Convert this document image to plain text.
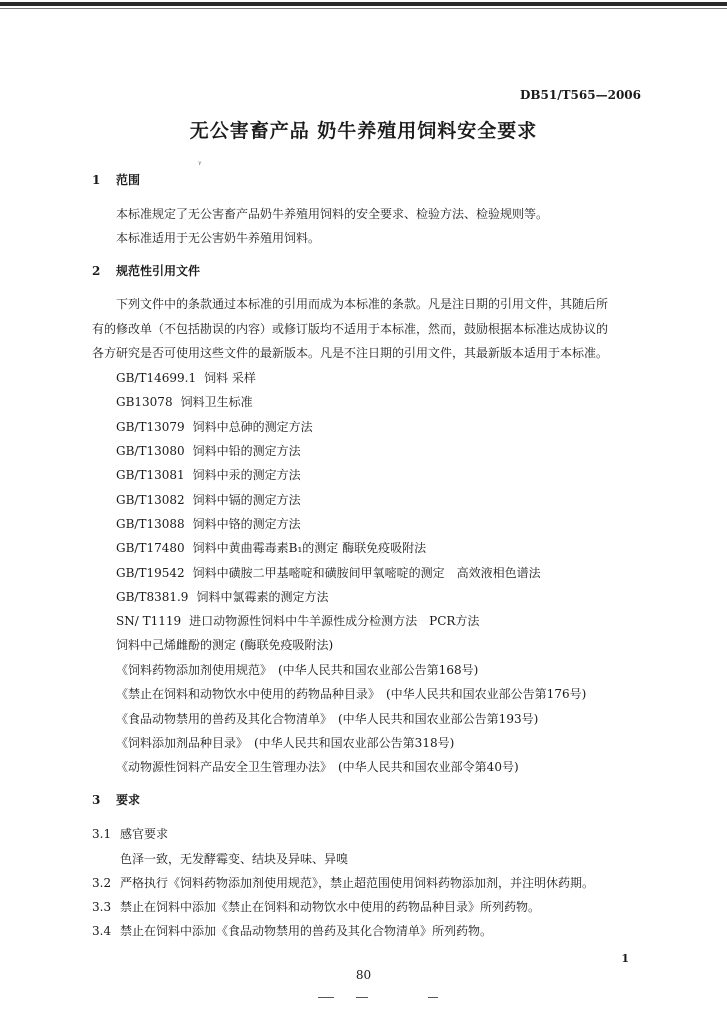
DB51/T565—2006
无公害畜产品 奶牛养殖用饲料安全要求
ᵞ
1 范围
本标准规定了无公害畜产品奶牛养殖用饲料的安全要求、检验方法、检验规则等。
本标准适用于无公害奶牛养殖用饲料。
2 规范性引用文件
下列文件中的条款通过本标准的引用而成为本标准的条款。凡是注日期的引用文件，其随后所
有的修改单（不包括勘误的内容）或修订版均不适用于本标准，然而，鼓励根据本标准达成协议的
各方研究是否可使用这些文件的最新版本。凡是不注日期的引用文件，其最新版本适用于本标准。
GB/T14699.1 饲料 采样
GB13078 饲料卫生标准
GB/T13079 饲料中总砷的测定方法
GB/T13080 饲料中铅的测定方法
GB/T13081 饲料中汞的测定方法
GB/T13082 饲料中镉的测定方法
GB/T13088 饲料中铬的测定方法
GB/T17480 饲料中黄曲霉毒素B₁的测定 酶联免疫吸附法
GB/T19542 饲料中磺胺二甲基嘧啶和磺胺间甲氧嘧啶的测定　高效液相色谱法
GB/T8381.9 饲料中氯霉素的测定方法
SN/ T1119 进口动物源性饲料中牛羊源性成分检测方法　PCR方法
饲料中己烯雌酚的测定 (酶联免疫吸附法)
《饲料药物添加剂使用规范》　(中华人民共和国农业部公告第168号)
《禁止在饲料和动物饮水中使用的药物品种目录》　(中华人民共和国农业部公告第176号)
《食品动物禁用的兽药及其化合物清单》　(中华人民共和国农业部公告第193号)
《饲料添加剂品种目录》　(中华人民共和国农业部公告第318号)
《动物源性饲料产品安全卫生管理办法》　(中华人民共和国农业部令第40号)
3 要求
3.1 感官要求
色泽一致，无发酵霉变、结块及异味、异嗅
3.2 严格执行《饲料药物添加剂使用规范》，禁止超范围使用饲料药物添加剂，并注明休药期。
3.3 禁止在饲料中添加《禁止在饲料和动物饮水中使用的药物品种目录》所列药物。
3.4 禁止在饲料中添加《食品动物禁用的兽药及其化合物清单》所列药物。
1
80
